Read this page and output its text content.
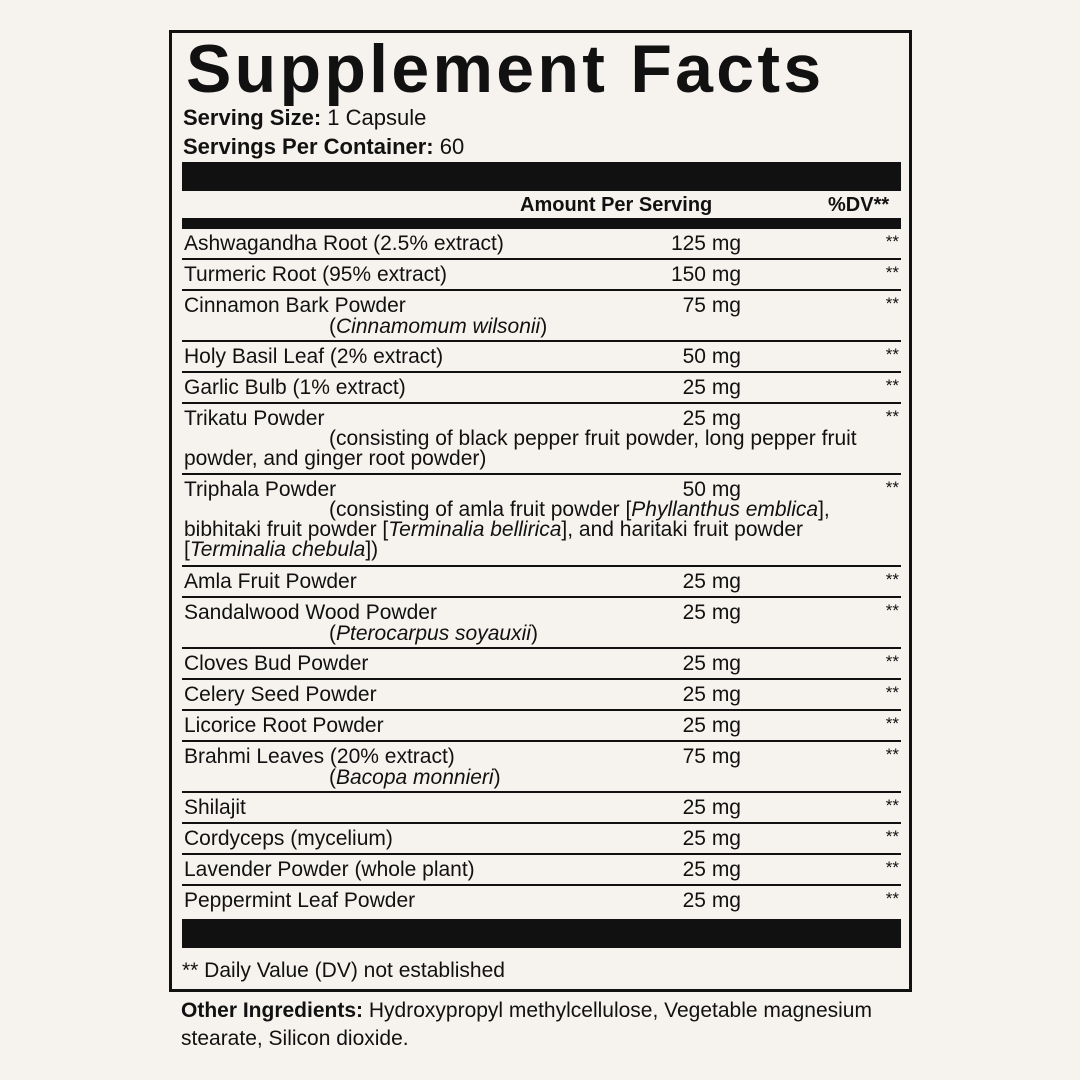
Supplement Facts
Serving Size: 1 Capsule
Servings Per Container: 60
Amount Per Serving	%DV**
Ashwagandha Root (2.5% extract)	125 mg	**
Turmeric Root (95% extract)	150 mg	**
Cinnamon Bark Powder	75 mg	**
(Cinnamomum wilsonii)
Holy Basil Leaf (2% extract)	50 mg	**
Garlic Bulb (1% extract)	25 mg	**
Trikatu Powder	25 mg	**
(consisting of black pepper fruit powder, long pepper fruit powder, and ginger root powder)
Triphala Powder	50 mg	**
(consisting of amla fruit powder [Phyllanthus emblica], bibhitaki fruit powder [Terminalia bellirica], and haritaki fruit powder [Terminalia chebula])
Amla Fruit Powder	25 mg	**
Sandalwood Wood Powder	25 mg	**
(Pterocarpus soyauxii)
Cloves Bud Powder	25 mg	**
Celery Seed Powder	25 mg	**
Licorice Root Powder	25 mg	**
Brahmi Leaves (20% extract)	75 mg	**
(Bacopa monnieri)
Shilajit	25 mg	**
Cordyceps (mycelium)	25 mg	**
Lavender Powder (whole plant)	25 mg	**
Peppermint Leaf Powder	25 mg	**
** Daily Value (DV) not established
Other Ingredients: Hydroxypropyl methylcellulose, Vegetable magnesium stearate, Silicon dioxide.
